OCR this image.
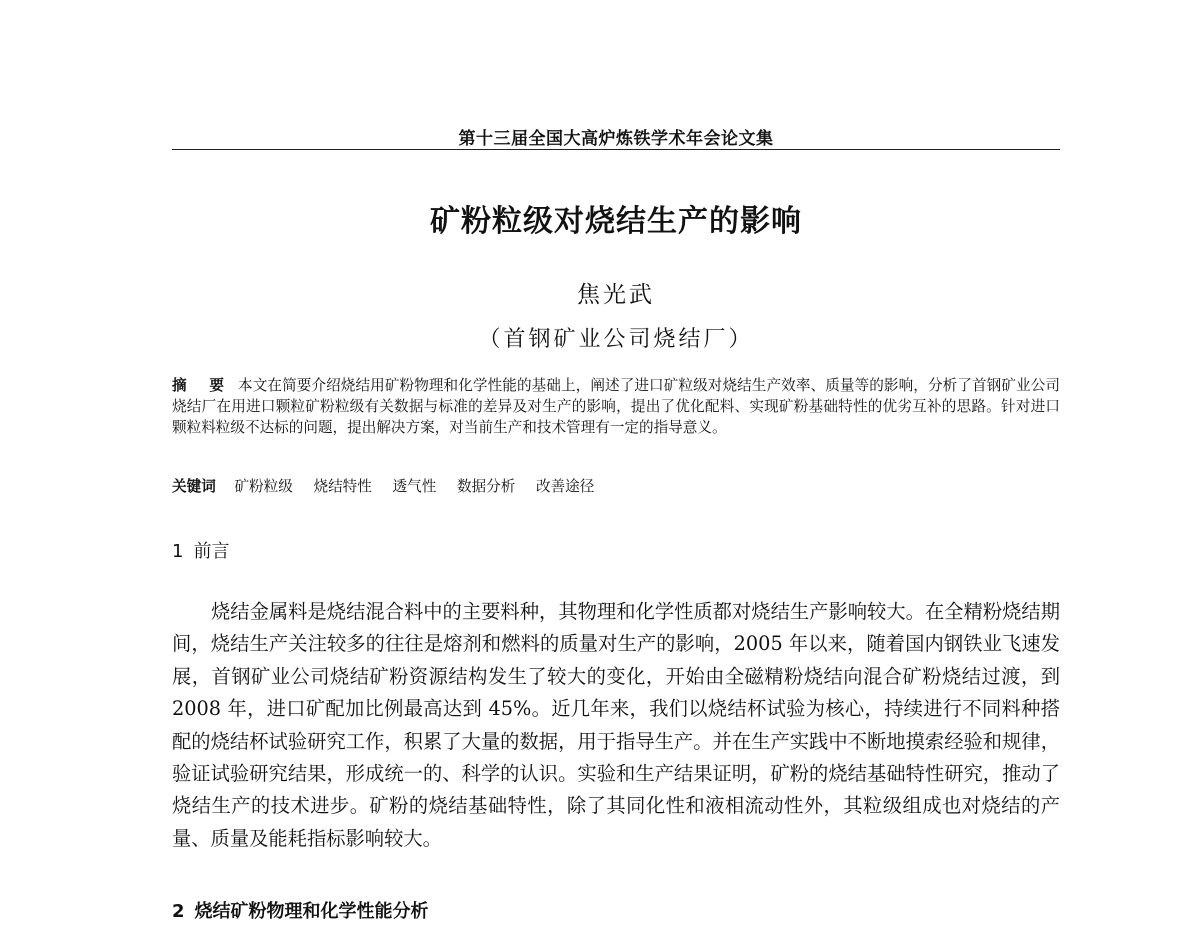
第十三届全国大高炉炼铁学术年会论文集
矿粉粒级对烧结生产的影响
焦光武
（首钢矿业公司烧结厂）
摘　要 本文在简要介绍烧结用矿粉物理和化学性能的基础上，阐述了进口矿粒级对烧结生产效率、质量等的影响，分析了首钢矿业公司烧结厂在用进口颗粒矿粉粒级有关数据与标准的差异及对生产的影响，提出了优化配料、实现矿粉基础特性的优劣互补的思路。针对进口颗粒料粒级不达标的问题，提出解决方案，对当前生产和技术管理有一定的指导意义。
关键词 矿粉粒级 烧结特性 透气性 数据分析 改善途径
1 前言

烧结金属料是烧结混合料中的主要料种，其物理和化学性质都对烧结生产影响较大。在全精粉烧结期间，烧结生产关注较多的往往是熔剂和燃料的质量对生产的影响，2005 年以来，随着国内钢铁业飞速发展，首钢矿业公司烧结矿粉资源结构发生了较大的变化，开始由全磁精粉烧结向混合矿粉烧结过渡，到 2008 年，进口矿配加比例最高达到 45%。近几年来，我们以烧结杯试验为核心，持续进行不同料种搭配的烧结杯试验研究工作，积累了大量的数据，用于指导生产。并在生产实践中不断地摸索经验和规律，验证试验研究结果，形成统一的、科学的认识。实验和生产结果证明，矿粉的烧结基础特性研究，推动了烧结生产的技术进步。矿粉的烧结基础特性，除了其同化性和液相流动性外，其粒级组成也对烧结的产量、质量及能耗指标影响较大。

2 烧结矿粉物理和化学性能分析
